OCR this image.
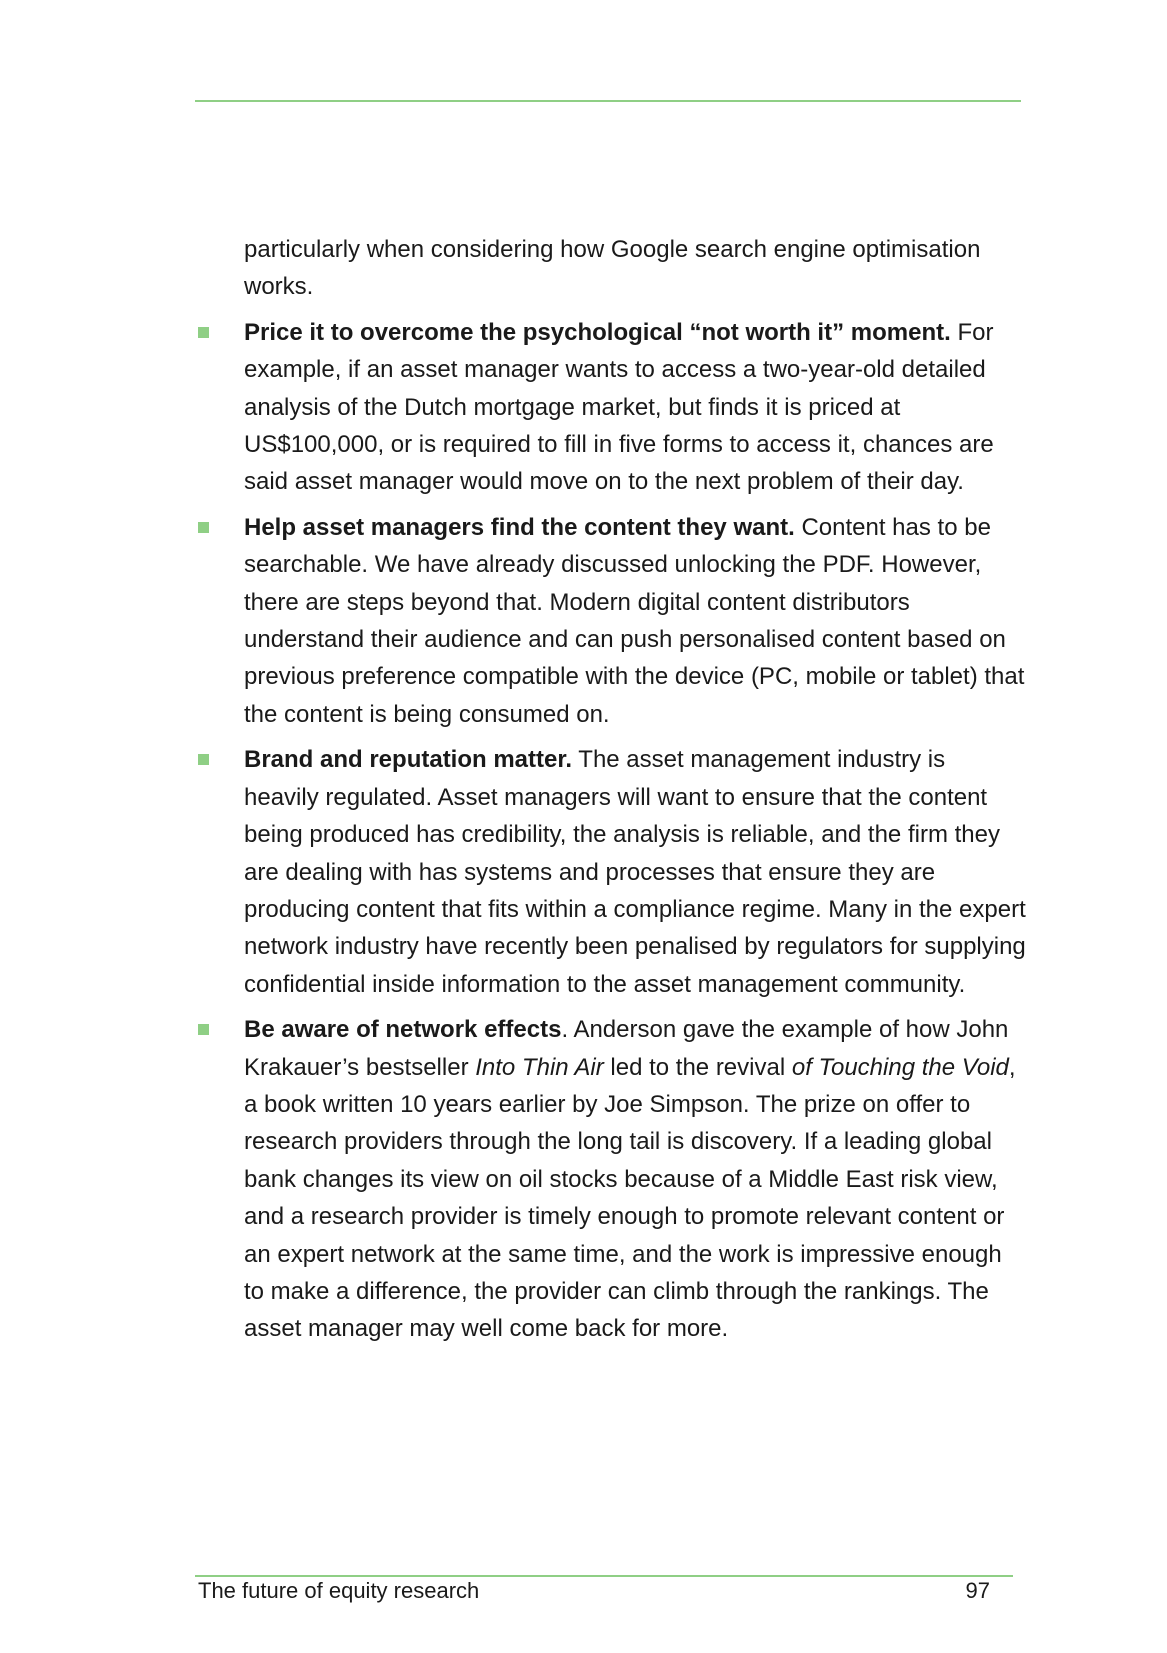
particularly when considering how Google search engine optimisation works.

Price it to overcome the psychological “not worth it” moment. For example, if an asset manager wants to access a two-year-old detailed analysis of the Dutch mortgage market, but finds it is priced at US$100,000, or is required to fill in five forms to access it, chances are said asset manager would move on to the next problem of their day.
Help asset managers find the content they want. Content has to be searchable. We have already discussed unlocking the PDF. However, there are steps beyond that. Modern digital content distributors understand their audience and can push personalised content based on previous preference compatible with the device (PC, mobile or tablet) that the content is being consumed on.
Brand and reputation matter. The asset management industry is heavily regulated. Asset managers will want to ensure that the content being produced has credibility, the analysis is reliable, and the firm they are dealing with has systems and processes that ensure they are producing content that fits within a compliance regime. Many in the expert network industry have recently been penalised by regulators for supplying confidential inside information to the asset management community.
Be aware of network effects. Anderson gave the example of how John Krakauer’s bestseller Into Thin Air led to the revival of Touching the Void, a book written 10 years earlier by Joe Simpson. The prize on offer to research providers through the long tail is discovery. If a leading global bank changes its view on oil stocks because of a Middle East risk view, and a research provider is timely enough to promote relevant content or an expert network at the same time, and the work is impressive enough to make a difference, the provider can climb through the rankings. The asset manager may well come back for more.
The future of equity research	97
